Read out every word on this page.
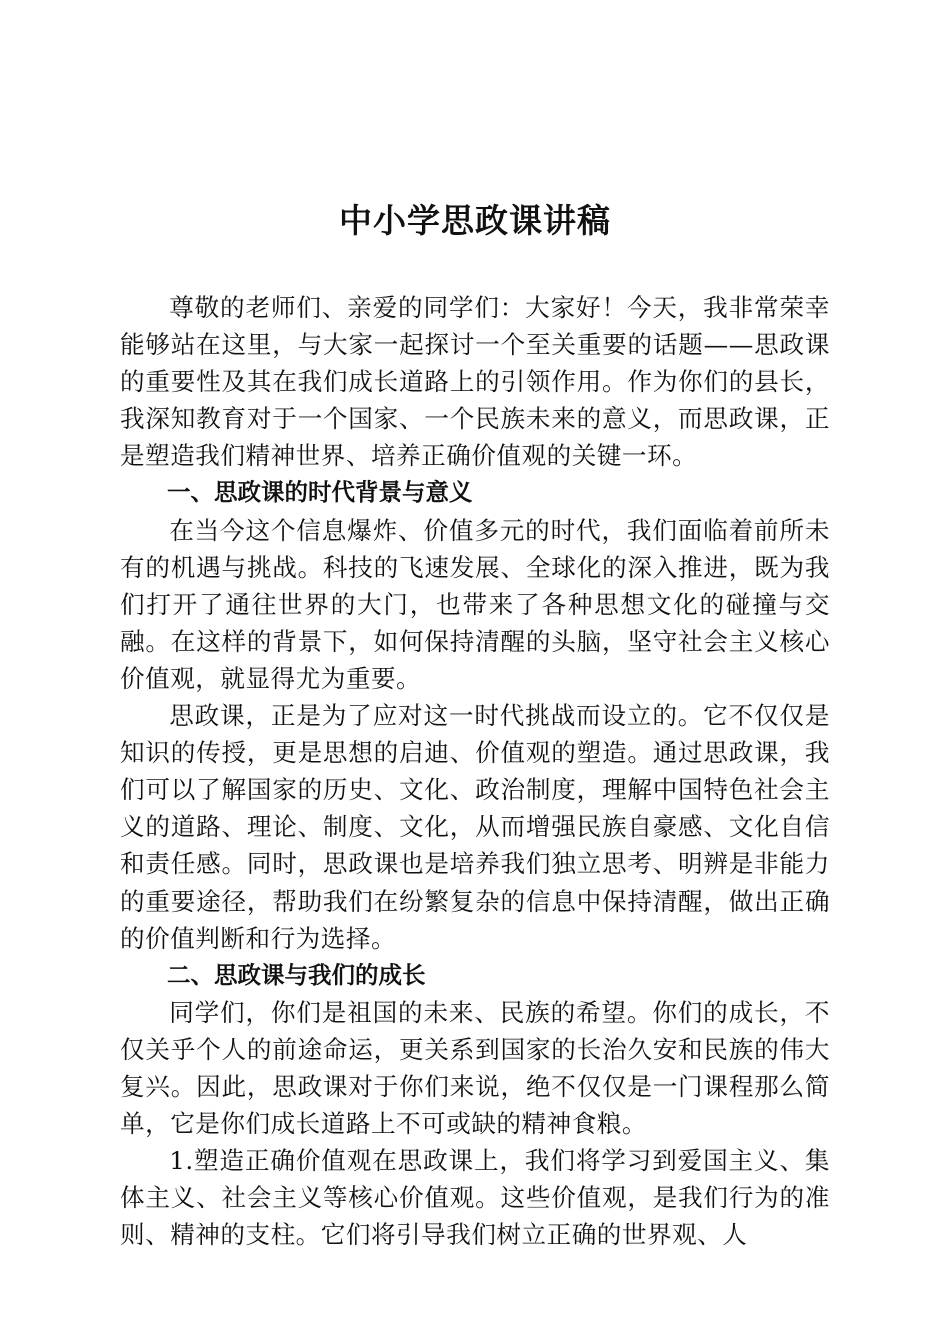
中小学思政课讲稿

尊敬的老师们、亲爱的同学们：大家好！今天，我非常荣幸能够站在这里，与大家一起探讨一个至关重要的话题——思政课的重要性及其在我们成长道路上的引领作用。作为你们的县长，我深知教育对于一个国家、一个民族未来的意义，而思政课，正是塑造我们精神世界、培养正确价值观的关键一环。

一、思政课的时代背景与意义

在当今这个信息爆炸、价值多元的时代，我们面临着前所未有的机遇与挑战。科技的飞速发展、全球化的深入推进，既为我们打开了通往世界的大门，也带来了各种思想文化的碰撞与交融。在这样的背景下，如何保持清醒的头脑，坚守社会主义核心价值观，就显得尤为重要。

思政课，正是为了应对这一时代挑战而设立的。它不仅仅是知识的传授，更是思想的启迪、价值观的塑造。通过思政课，我们可以了解国家的历史、文化、政治制度，理解中国特色社会主义的道路、理论、制度、文化，从而增强民族自豪感、文化自信和责任感。同时，思政课也是培养我们独立思考、明辨是非能力的重要途径，帮助我们在纷繁复杂的信息中保持清醒，做出正确的价值判断和行为选择。

二、思政课与我们的成长

同学们，你们是祖国的未来、民族的希望。你们的成长，不仅关乎个人的前途命运，更关系到国家的长治久安和民族的伟大复兴。因此，思政课对于你们来说，绝不仅仅是一门课程那么简单，它是你们成长道路上不可或缺的精神食粮。

1.塑造正确价值观在思政课上，我们将学习到爱国主义、集体主义、社会主义等核心价值观。这些价值观，是我们行为的准则、精神的支柱。它们将引导我们树立正确的世界观、人
